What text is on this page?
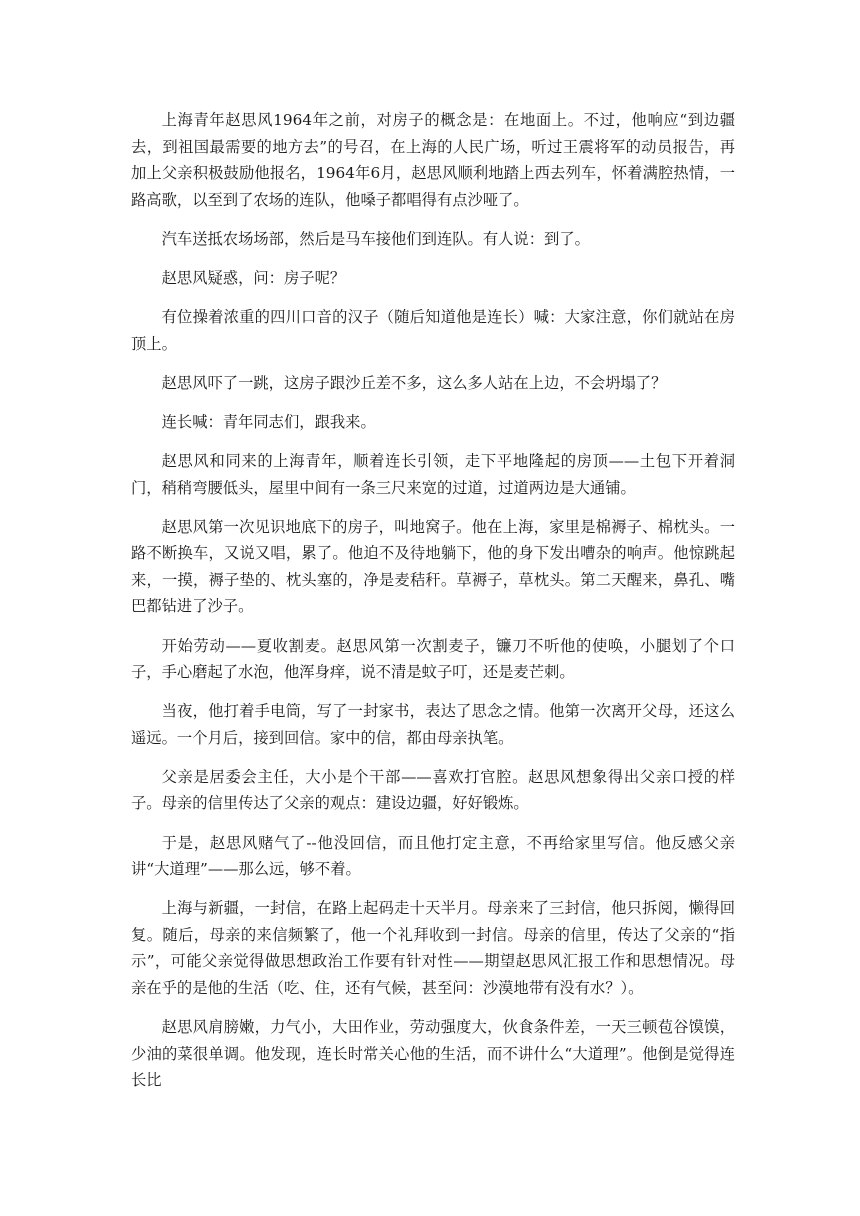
上海青年赵思风1964年之前，对房子的概念是：在地面上。不过，他响应“到边疆去，到祖国最需要的地方去”的号召，在上海的人民广场，听过王震将军的动员报告，再加上父亲积极鼓励他报名，1964年6月，赵思风顺利地踏上西去列车，怀着满腔热情，一路高歌，以至到了农场的连队，他嗓子都唱得有点沙哑了。

汽车送抵农场场部，然后是马车接他们到连队。有人说：到了。

赵思风疑惑，问：房子呢？

有位操着浓重的四川口音的汉子（随后知道他是连长）喊：大家注意，你们就站在房顶上。

赵思风吓了一跳，这房子跟沙丘差不多，这么多人站在上边，不会坍塌了？

连长喊：青年同志们，跟我来。

赵思风和同来的上海青年，顺着连长引领，走下平地隆起的房顶——土包下开着洞门，稍稍弯腰低头，屋里中间有一条三尺来宽的过道，过道两边是大通铺。

赵思风第一次见识地底下的房子，叫地窝子。他在上海，家里是棉褥子、棉枕头。一路不断换车，又说又唱，累了。他迫不及待地躺下，他的身下发出嘈杂的响声。他惊跳起来，一摸，褥子垫的、枕头塞的，净是麦秸秆。草褥子，草枕头。第二天醒来，鼻孔、嘴巴都钻进了沙子。

开始劳动——夏收割麦。赵思风第一次割麦子，镰刀不听他的使唤，小腿划了个口子，手心磨起了水泡，他浑身痒，说不清是蚊子叮，还是麦芒刺。

当夜，他打着手电筒，写了一封家书，表达了思念之情。他第一次离开父母，还这么遥远。一个月后，接到回信。家中的信，都由母亲执笔。

父亲是居委会主任，大小是个干部——喜欢打官腔。赵思风想象得出父亲口授的样子。母亲的信里传达了父亲的观点：建设边疆，好好锻炼。

于是，赵思风赌气了--他没回信，而且他打定主意，不再给家里写信。他反感父亲讲“大道理”——那么远，够不着。

上海与新疆，一封信，在路上起码走十天半月。母亲来了三封信，他只拆阅，懒得回复。随后，母亲的来信频繁了，他一个礼拜收到一封信。母亲的信里，传达了父亲的“指示”，可能父亲觉得做思想政治工作要有针对性——期望赵思风汇报工作和思想情况。母亲在乎的是他的生活（吃、住，还有气候，甚至问：沙漠地带有没有水？）。

赵思风肩膀嫩，力气小，大田作业，劳动强度大，伙食条件差，一天三顿苞谷馍馍，少油的菜很单调。他发现，连长时常关心他的生活，而不讲什么“大道理”。他倒是觉得连长比
